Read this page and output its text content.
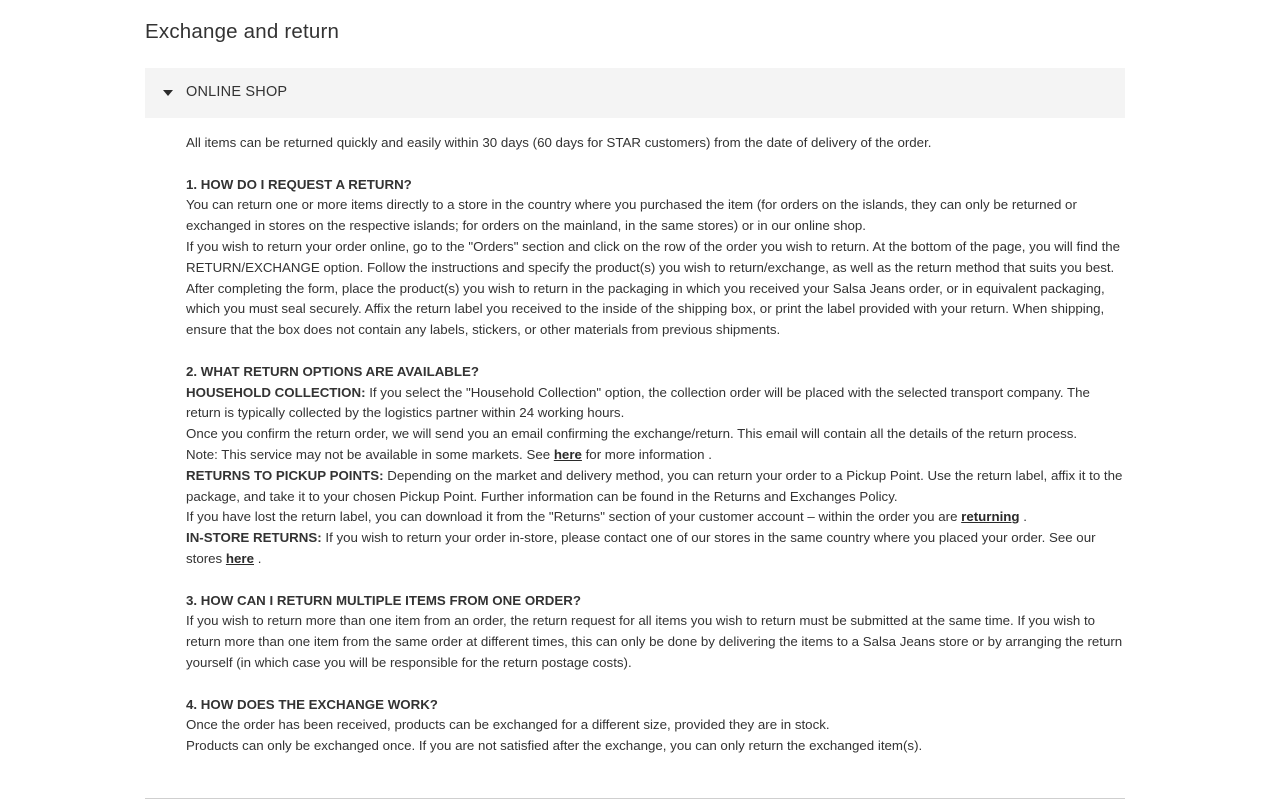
Exchange and return
ONLINE SHOP

All items can be returned quickly and easily within 30 days (60 days for STAR customers) from the date of delivery of the order.

1. HOW DO I REQUEST A RETURN?

You can return one or more items directly to a store in the country where you purchased the item (for orders on the islands, they can only be returned or exchanged in stores on the respective islands; for orders on the mainland, in the same stores) or in our online shop.

If you wish to return your order online, go to the "Orders" section and click on the row of the order you wish to return. At the bottom of the page, you will find the RETURN/EXCHANGE option. Follow the instructions and specify the product(s) you wish to return/exchange, as well as the return method that suits you best.

After completing the form, place the product(s) you wish to return in the packaging in which you received your Salsa Jeans order, or in equivalent packaging, which you must seal securely. Affix the return label you received to the inside of the shipping box, or print the label provided with your return. When shipping, ensure that the box does not contain any labels, stickers, or other materials from previous shipments.

2. WHAT RETURN OPTIONS ARE AVAILABLE?

HOUSEHOLD COLLECTION: If you select the "Household Collection" option, the collection order will be placed with the selected transport company. The return is typically collected by the logistics partner within 24 working hours.

Once you confirm the return order, we will send you an email confirming the exchange/return. This email will contain all the details of the return process.

Note: This service may not be available in some markets. See here for more information .

RETURNS TO PICKUP POINTS: Depending on the market and delivery method, you can return your order to a Pickup Point. Use the return label, affix it to the package, and take it to your chosen Pickup Point. Further information can be found in the Returns and Exchanges Policy.

If you have lost the return label, you can download it from the "Returns" section of your customer account – within the order you are returning .

IN-STORE RETURNS: If you wish to return your order in-store, please contact one of our stores in the same country where you placed your order. See our stores here .

3. HOW CAN I RETURN MULTIPLE ITEMS FROM ONE ORDER?

If you wish to return more than one item from an order, the return request for all items you wish to return must be submitted at the same time. If you wish to return more than one item from the same order at different times, this can only be done by delivering the items to a Salsa Jeans store or by arranging the return yourself (in which case you will be responsible for the return postage costs).

4. HOW DOES THE EXCHANGE WORK?

Once the order has been received, products can be exchanged for a different size, provided they are in stock.

Products can only be exchanged once. If you are not satisfied after the exchange, you can only return the exchanged item(s).
